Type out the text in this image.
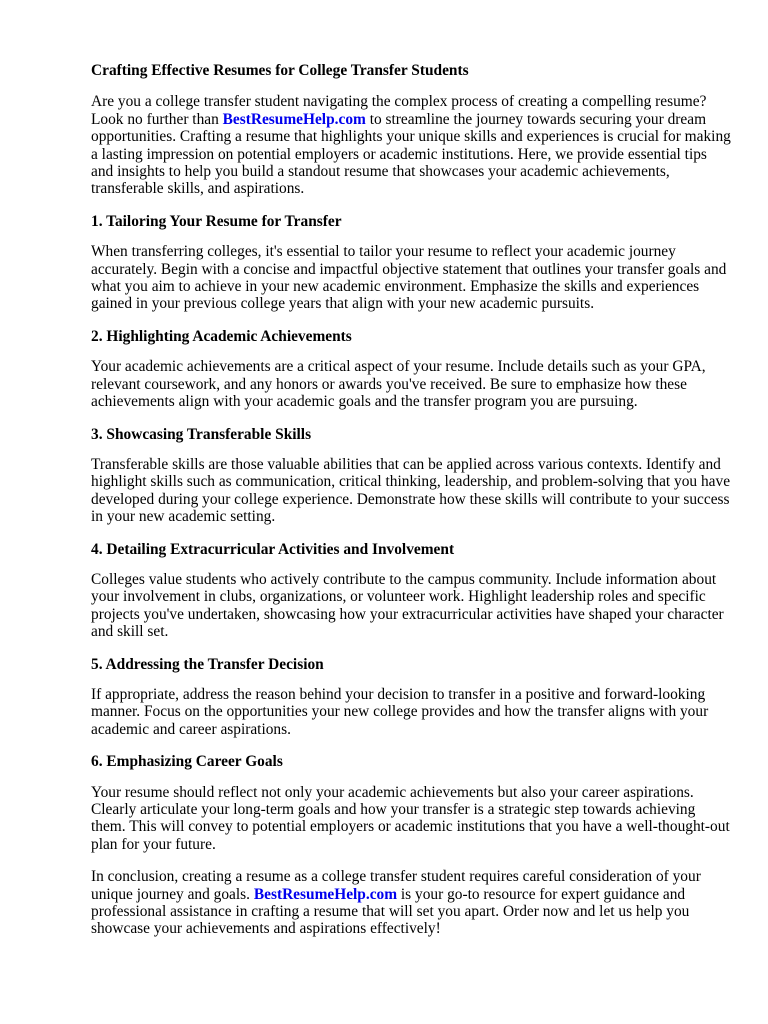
Crafting Effective Resumes for College Transfer Students

Are you a college transfer student navigating the complex process of creating a compelling resume? Look no further than BestResumeHelp.com to streamline the journey towards securing your dream opportunities. Crafting a resume that highlights your unique skills and experiences is crucial for making a lasting impression on potential employers or academic institutions. Here, we provide essential tips and insights to help you build a standout resume that showcases your academic achievements, transferable skills, and aspirations.

1. Tailoring Your Resume for Transfer

When transferring colleges, it's essential to tailor your resume to reflect your academic journey accurately. Begin with a concise and impactful objective statement that outlines your transfer goals and what you aim to achieve in your new academic environment. Emphasize the skills and experiences gained in your previous college years that align with your new academic pursuits.

2. Highlighting Academic Achievements

Your academic achievements are a critical aspect of your resume. Include details such as your GPA, relevant coursework, and any honors or awards you've received. Be sure to emphasize how these achievements align with your academic goals and the transfer program you are pursuing.

3. Showcasing Transferable Skills

Transferable skills are those valuable abilities that can be applied across various contexts. Identify and highlight skills such as communication, critical thinking, leadership, and problem-solving that you have developed during your college experience. Demonstrate how these skills will contribute to your success in your new academic setting.

4. Detailing Extracurricular Activities and Involvement

Colleges value students who actively contribute to the campus community. Include information about your involvement in clubs, organizations, or volunteer work. Highlight leadership roles and specific projects you've undertaken, showcasing how your extracurricular activities have shaped your character and skill set.

5. Addressing the Transfer Decision

If appropriate, address the reason behind your decision to transfer in a positive and forward-looking manner. Focus on the opportunities your new college provides and how the transfer aligns with your academic and career aspirations.

6. Emphasizing Career Goals

Your resume should reflect not only your academic achievements but also your career aspirations. Clearly articulate your long-term goals and how your transfer is a strategic step towards achieving them. This will convey to potential employers or academic institutions that you have a well-thought-out plan for your future.

In conclusion, creating a resume as a college transfer student requires careful consideration of your unique journey and goals. BestResumeHelp.com is your go-to resource for expert guidance and professional assistance in crafting a resume that will set you apart. Order now and let us help you showcase your achievements and aspirations effectively!
